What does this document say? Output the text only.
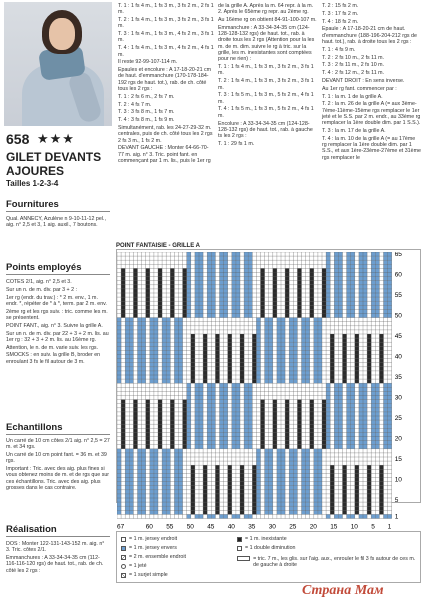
658 ★★★
GILET DEVANTS AJOURES
Tailles 1-2-3-4
Fournitures

Qual. ANNECY, Azulène n 9-10-11-12 pel., aig. n° 2,5 et 3, 1 aig. auxil., 7 boutons.

Points employés

COTES 2/1, aig. n° 2,5 et 3.

Sur un n. de m. div. par 3 + 2 :

1er rg (endr. du trav.) : * 2 m. env., 1 m. endr. *, répéter de * à *, term. par 2 m. env.

2ème rg et les rgs suiv. : tric. comme les m. se présentent.

POINT FANT., aig. n° 3. Suivre la grille A.

Sur un n. de m. div. par 22 + 3 + 2 m. lis. au 1er rg : 32 + 3 + 2 m. lis. au 16ème rg.

Attention, le n. de m. varie suiv. les rgs.

SMOCKS : en suiv. la grille B, broder en enroulant 3 fs le fil autour de 3 m.

Echantillons

Un carré de 10 cm côtes 2/1 aig. n° 2,5 = 27 m. et 34 rgs.

Un carré de 10 cm point fant. = 36 m. et 39 rgs.

Important : Tric. avec des aig. plus fines si vous obtenez moins de m. et de rgs que sur ces échantillons. Tric. avec des aig. plus grosses dans le cas contraire.

Réalisation

DOS : Monter 122-131-143-152 m. aig. n° 3. Tric. côtes 2/1.

Emmanchures : A 33-34-34-35 cm (112-116-116-120 rgs) de haut. tot., rab. de ch. côté les 2 rgs :

T. 1 : 1 fs 4 m., 1 fs 3 m., 3 fs 2 m., 2 fs 1 m.

T. 2 : 1 fs 4 m., 1 fs 3 m., 3 fs 2 m., 3 fs 1 m.

T. 3 : 1 fs 4 m., 1 fs 3 m., 4 fs 2 m., 3 fs 1 m.

T. 4 : 1 fs 4 m., 1 fs 3 m., 4 fs 2 m., 4 fs 1 m.

Il reste 92-99-107-114 m.

Epaules et encolure : A 17-18-20-21 cm de haut. d'emmanchure (170-178-184-192 rgs de haut. tot.), rab. de ch. côté tous les 2 rgs :

T. 1 : 2 fs 6 m., 2 fs 7 m.

T. 2 : 4 fs 7 m.

T. 3 : 3 fs 8 m., 1 fs 7 m.

T. 4 : 3 fs 8 m., 1 fs 9 m.

Simultanément, rab. les 24-27-29-32 m. centrales, puis de ch. côté tous les 2 rgs 2 fs 3 m., 1 fs 2 m.

DEVANT GAUCHE : Monter 64-66-70-77 m. aig. n° 3. Tric. point fant. en commençant par 1 m. lis., puis le 1er rg

de la grille A. Après la m. 64 repr. à la m. 2. Après le 65ème rg repr. au 2ème rg.

Au 16ème rg on obtient 84-91-100-107 m.

Emmanchure : A 33-34-34-35 cm (124-128-128-132 rgs) de haut. tot., rab. à droite tous les 2 rgs (Attention pour la les m. de m. dim. suivre le rg à tric. sur la grille, les m. inexistantes sont comptées pour ne rien) :

T. 1 : 1 fs 4 m., 1 fs 3 m., 3 fs 2 m., 3 fs 1 m.

T. 2 : 1 fs 4 m., 1 fs 3 m., 3 fs 2 m., 3 fs 1 m.

T. 3 : 1 fs 5 m., 1 fs 3 m., 5 fs 2 m., 4 fs 1 m.

T. 4 : 1 fs 5 m., 1 fs 3 m., 5 fs 2 m., 4 fs 1 m.

Encolure : A 33-34-34-35 cm (124-128-128-132 rgs) de haut. tot., rab. à gauche ts les 2 rgs :

T. 1 : 29 fs 1 m.

T. 2 : 15 fs 2 m.

T. 3 : 17 fs 2 m.

T. 4 : 18 fs 2 m.

Epaule : A 17-18-20-21 cm de haut. d'emmanchure (188-196-204-212 rgs de haut. tot.), rab. à droite tous les 2 rgs :

T. 1 : 4 fs 9 m.

T. 2 : 2 fs 10 m., 2 fs 11 m.

T. 3 : 2 fs 11 m., 2 fs 10 m.

T. 4 : 2 fs 12 m., 2 fs 11 m.

DEVANT DROIT : En sens inverse.

Au 1er rg fant. commencer par :

T. 1 : la m. 1 de la grille A.

T. 2 : la m. 26 de la grille A (= aux 3ème-7ème-11ème-15ème rgs remplacer le 1er jeté et le S.S. par 2 m. endr., au 33ème rg remplacer la 1ère double dim. par 1 S.S.).

T. 3 : la m. 17 de la grille A.

T. 4 : la m. 10 de la grille A (= au 17ème rg remplacer la 1ère double dim. par 1 S.S., et aux 1ère-23ème-27ème et 31ème rgs remplacer le

POINT FANTAISIE - GRILLE A
65
60
55
50
45
40
35
30
25
20
15
10
5
1
67	60 55 50 45 40 35 30 25 20 15 10 5 1
= 1 m. jersey endroit
= 1 m. jersey envers
= 2 m. ensemble endroit
= 1 jeté
= 1 surjet simple
= 1 m. inexistante
= 1 double diminution
= tric. 7 m., les glis. sur l'aig. aux., enrouler le fil 3 fs autour de ces m. de gauche à droite
Страна Мам
